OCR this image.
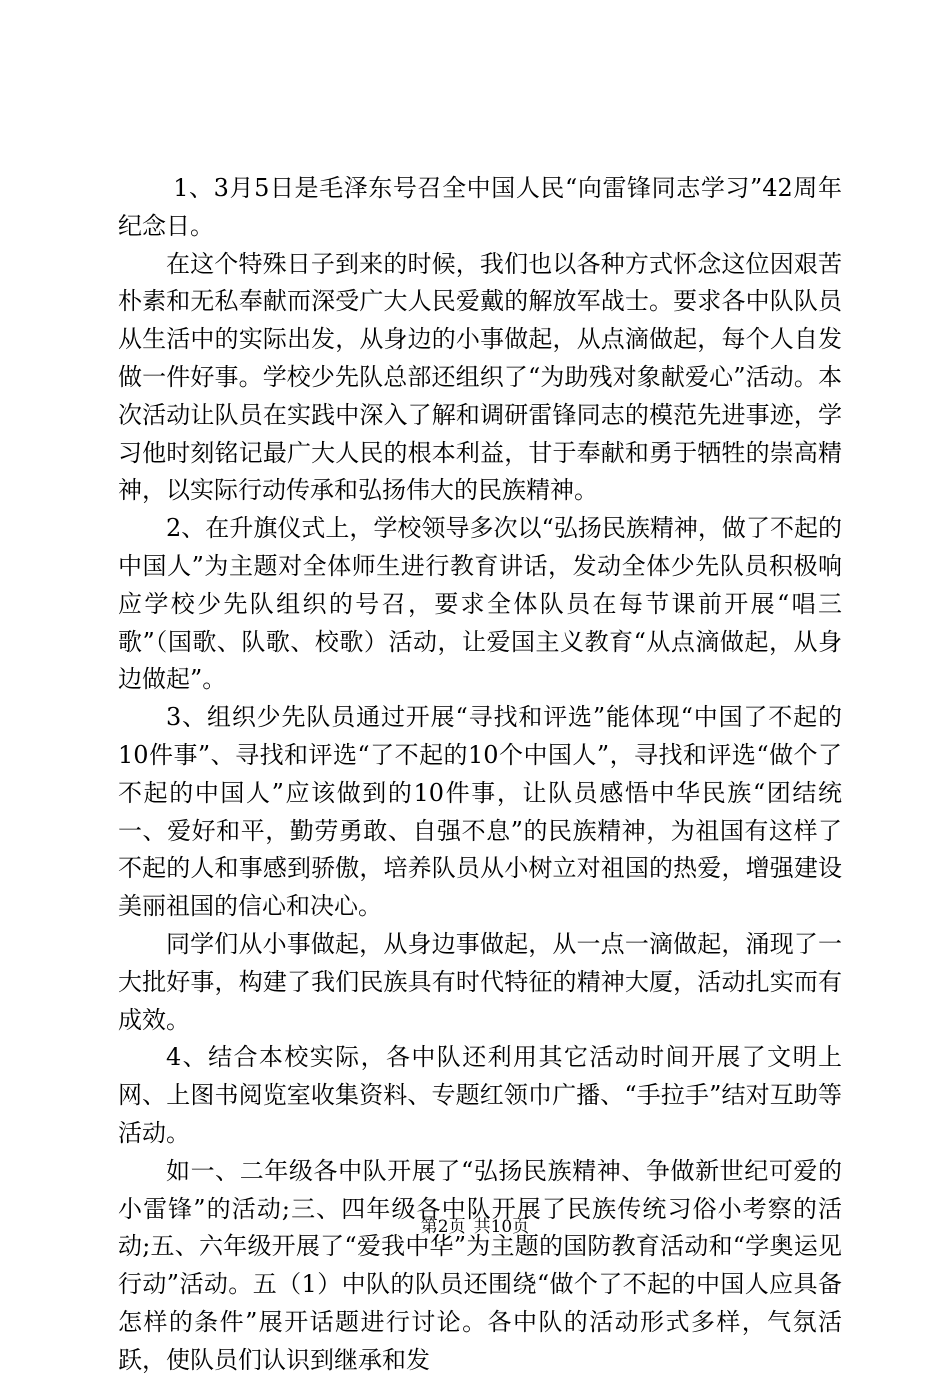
1、3月5日是毛泽东号召全中国人民“向雷锋同志学习”42周年纪念日。

在这个特殊日子到来的时候，我们也以各种方式怀念这位因艰苦朴素和无私奉献而深受广大人民爱戴的解放军战士。要求各中队队员从生活中的实际出发，从身边的小事做起，从点滴做起，每个人自发做一件好事。学校少先队总部还组织了“为助残对象献爱心”活动。本次活动让队员在实践中深入了解和调研雷锋同志的模范先进事迹，学习他时刻铭记最广大人民的根本利益，甘于奉献和勇于牺牲的崇高精神，以实际行动传承和弘扬伟大的民族精神。

2、在升旗仪式上，学校领导多次以“弘扬民族精神，做了不起的中国人”为主题对全体师生进行教育讲话，发动全体少先队员积极响应学校少先队组织的号召，要求全体队员在每节课前开展“唱三歌”（国歌、队歌、校歌）活动，让爱国主义教育“从点滴做起，从身边做起”。

3、组织少先队员通过开展“寻找和评选”能体现“中国了不起的10件事”、寻找和评选“了不起的10个中国人”，寻找和评选“做个了不起的中国人”应该做到的10件事，让队员感悟中华民族“团结统一、爱好和平，勤劳勇敢、自强不息”的民族精神，为祖国有这样了不起的人和事感到骄傲，培养队员从小树立对祖国的热爱，增强建设美丽祖国的信心和决心。

同学们从小事做起，从身边事做起，从一点一滴做起，涌现了一大批好事，构建了我们民族具有时代特征的精神大厦，活动扎实而有成效。

4、结合本校实际，各中队还利用其它活动时间开展了文明上网、上图书阅览室收集资料、专题红领巾广播、“手拉手”结对互助等活动。

如一、二年级各中队开展了“弘扬民族精神、争做新世纪可爱的小雷锋”的活动;三、四年级各中队开展了民族传统习俗小考察的活动;五、六年级开展了“爱我中华”为主题的国防教育活动和“学奥运见行动”活动。五（1）中队的队员还围绕“做个了不起的中国人应具备怎样的条件”展开话题进行讨论。各中队的活动形式多样，气氛活跃，使队员们认识到继承和发

第2页 共10页
